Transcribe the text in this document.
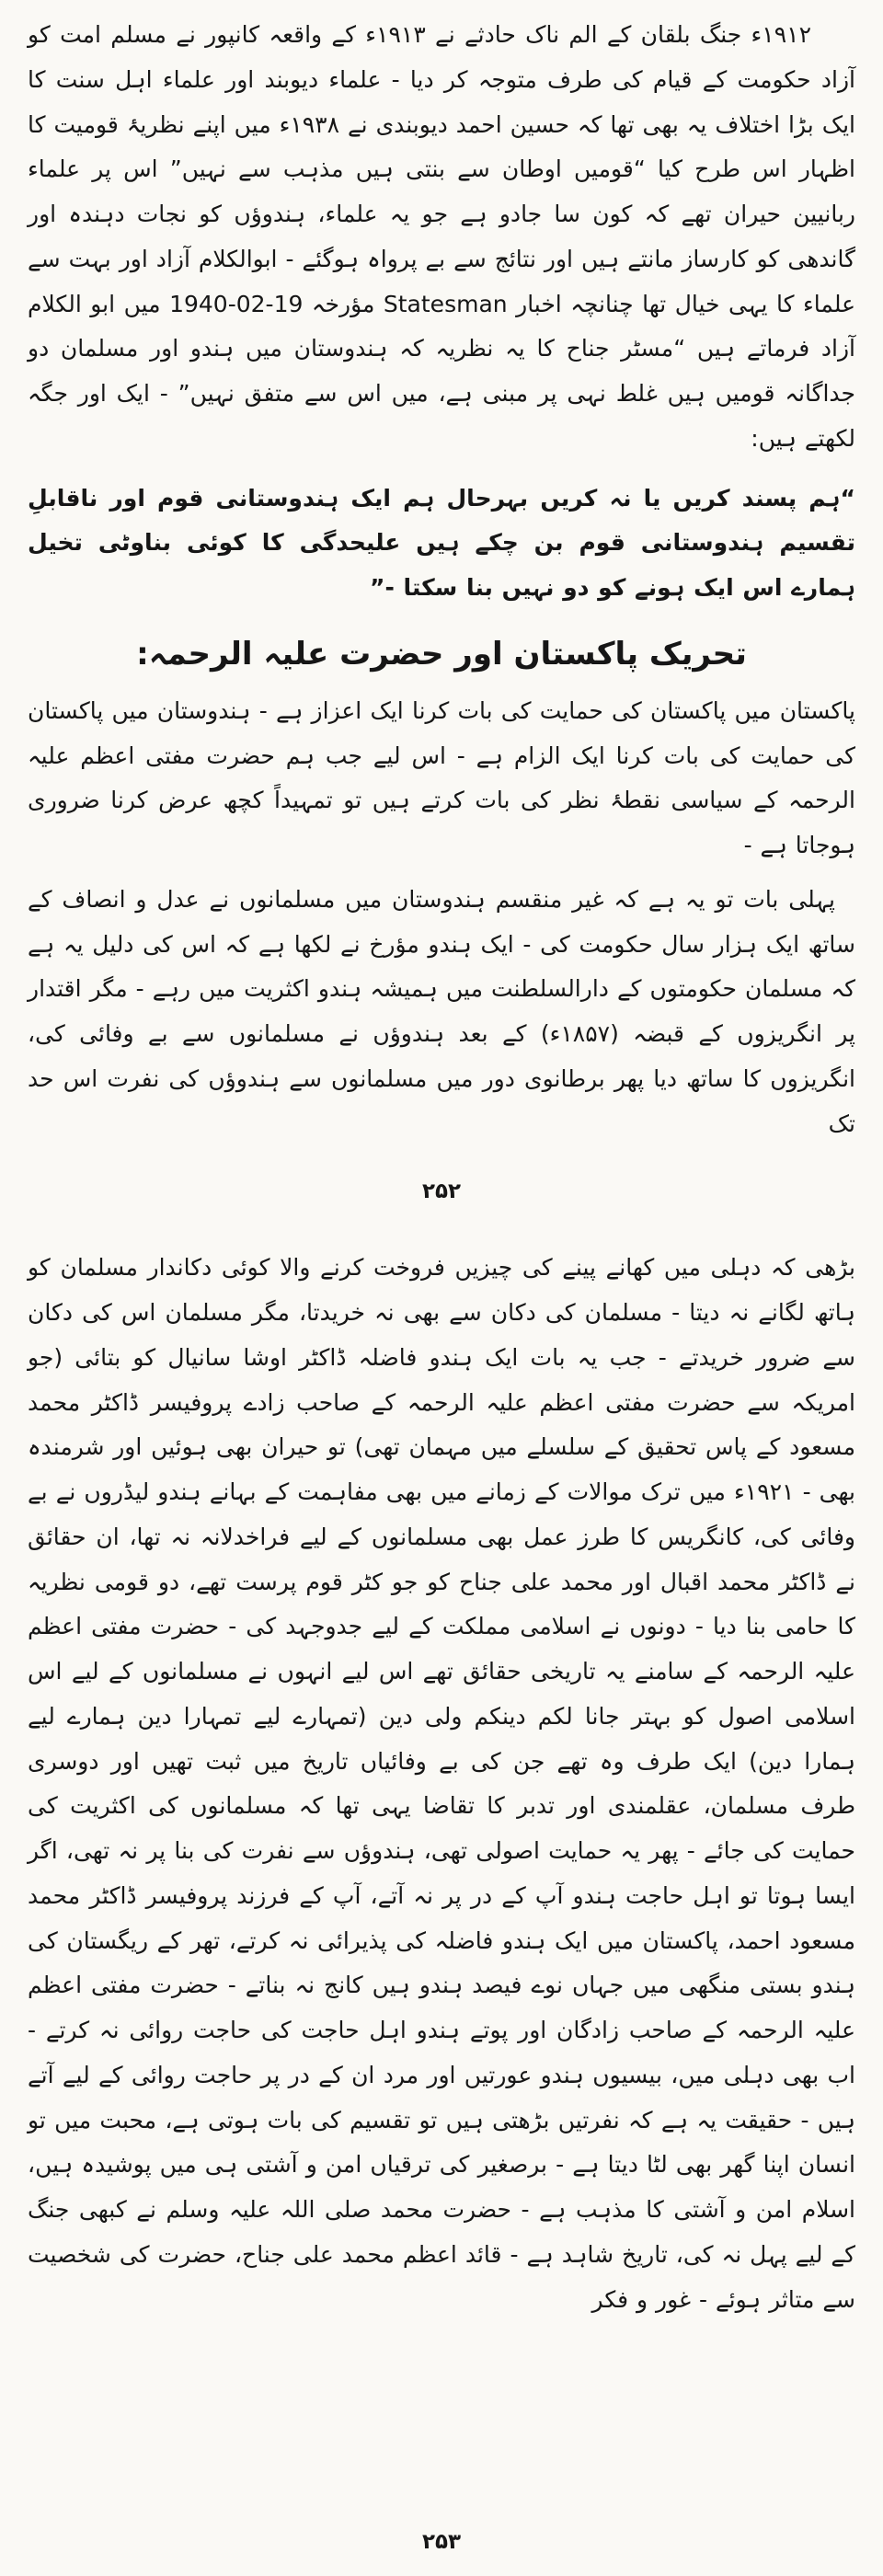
۱۹۱۲ء جنگ بلقان کے الم ناک حادثے نے ۱۹۱۳ء کے واقعہ کانپور نے مسلم امت کو آزاد حکومت کے قیام کی طرف متوجہ کر دیا - علماء دیوبند اور علماء اہل سنت کا ایک بڑا اختلاف یہ بھی تھا کہ حسین احمد دیوبندی نے ۱۹۳۸ء میں اپنے نظریۂ قومیت کا اظہار اس طرح کیا “قومیں اوطان سے بنتی ہیں مذہب سے نہیں” اس پر علماء ربانیین حیران تھے کہ کون سا جادو ہے جو یہ علماء، ہندوؤں کو نجات دہندہ اور گاندھی کو کارساز مانتے ہیں اور نتائج سے بے پرواہ ہوگئے - ابوالکلام آزاد اور بہت سے علماء کا یہی خیال تھا چنانچہ اخبار Statesman مؤرخہ 19-02-1940 میں ابو الکلام آزاد فرماتے ہیں “مسٹر جناح کا یہ نظریہ کہ ہندوستان میں ہندو اور مسلمان دو جداگانہ قومیں ہیں غلط نہی پر مبنی ہے، میں اس سے متفق نہیں” - ایک اور جگہ لکھتے ہیں:

“ہم پسند کریں یا نہ کریں بہرحال ہم ایک ہندوستانی قوم اور ناقابلِ تقسیم ہندوستانی قوم بن چکے ہیں علیحدگی کا کوئی بناوٹی تخیل ہمارے اس ایک ہونے کو دو نہیں بنا سکتا -”

تحریک پاکستان اور حضرت علیہ الرحمہ:

پاکستان میں پاکستان کی حمایت کی بات کرنا ایک اعزاز ہے - ہندوستان میں پاکستان کی حمایت کی بات کرنا ایک الزام ہے - اس لیے جب ہم حضرت مفتی اعظم علیہ الرحمہ کے سیاسی نقطۂ نظر کی بات کرتے ہیں تو تمہیداً کچھ عرض کرنا ضروری ہوجاتا ہے -

پہلی بات تو یہ ہے کہ غیر منقسم ہندوستان میں مسلمانوں نے عدل و انصاف کے ساتھ ایک ہزار سال حکومت کی - ایک ہندو مؤرخ نے لکھا ہے کہ اس کی دلیل یہ ہے کہ مسلمان حکومتوں کے دارالسلطنت میں ہمیشہ ہندو اکثریت میں رہے - مگر اقتدار پر انگریزوں کے قبضہ (۱۸۵۷ء) کے بعد ہندوؤں نے مسلمانوں سے بے وفائی کی، انگریزوں کا ساتھ دیا پھر برطانوی دور میں مسلمانوں سے ہندوؤں کی نفرت اس حد تک

۲۵۲

بڑھی کہ دہلی میں کھانے پینے کی چیزیں فروخت کرنے والا کوئی دکاندار مسلمان کو ہاتھ لگانے نہ دیتا - مسلمان کی دکان سے بھی نہ خریدتا، مگر مسلمان اس کی دکان سے ضرور خریدتے - جب یہ بات ایک ہندو فاضلہ ڈاکٹر اوشا سانیال کو بتائی (جو امریکہ سے حضرت مفتی اعظم علیہ الرحمہ کے صاحب زادے پروفیسر ڈاکٹر محمد مسعود کے پاس تحقیق کے سلسلے میں مہمان تھی) تو حیران بھی ہوئیں اور شرمندہ بھی - ۱۹۲۱ء میں ترک موالات کے زمانے میں بھی مفاہمت کے بہانے ہندو لیڈروں نے بے وفائی کی، کانگریس کا طرز عمل بھی مسلمانوں کے لیے فراخدلانہ نہ تھا، ان حقائق نے ڈاکٹر محمد اقبال اور محمد علی جناح کو جو کٹر قوم پرست تھے، دو قومی نظریہ کا حامی بنا دیا - دونوں نے اسلامی مملکت کے لیے جدوجہد کی - حضرت مفتی اعظم علیہ الرحمہ کے سامنے یہ تاریخی حقائق تھے اس لیے انہوں نے مسلمانوں کے لیے اس اسلامی اصول کو بہتر جانا لکم دینکم ولی دین (تمہارے لیے تمہارا دین ہمارے لیے ہمارا دین) ایک طرف وہ تھے جن کی بے وفائیاں تاریخ میں ثبت تھیں اور دوسری طرف مسلمان، عقلمندی اور تدبر کا تقاضا یہی تھا کہ مسلمانوں کی اکثریت کی حمایت کی جائے - پھر یہ حمایت اصولی تھی، ہندوؤں سے نفرت کی بنا پر نہ تھی، اگر ایسا ہوتا تو اہل حاجت ہندو آپ کے در پر نہ آتے، آپ کے فرزند پروفیسر ڈاکٹر محمد مسعود احمد، پاکستان میں ایک ہندو فاضلہ کی پذیرائی نہ کرتے، تھر کے ریگستان کی ہندو بستی منگھی میں جہاں نوے فیصد ہندو ہیں کانج نہ بناتے - حضرت مفتی اعظم علیہ الرحمہ کے صاحب زادگان اور پوتے ہندو اہل حاجت کی حاجت روائی نہ کرتے - اب بھی دہلی میں، بیسیوں ہندو عورتیں اور مرد ان کے در پر حاجت روائی کے لیے آتے ہیں - حقیقت یہ ہے کہ نفرتیں بڑھتی ہیں تو تقسیم کی بات ہوتی ہے، محبت میں تو انسان اپنا گھر بھی لٹا دیتا ہے - برصغیر کی ترقیاں امن و آشتی ہی میں پوشیدہ ہیں، اسلام امن و آشتی کا مذہب ہے - حضرت محمد صلی اللہ علیہ وسلم نے کبھی جنگ کے لیے پہل نہ کی، تاریخ شاہد ہے - قائد اعظم محمد علی جناح، حضرت کی شخصیت سے متاثر ہوئے - غور و فکر

۲۵۳
